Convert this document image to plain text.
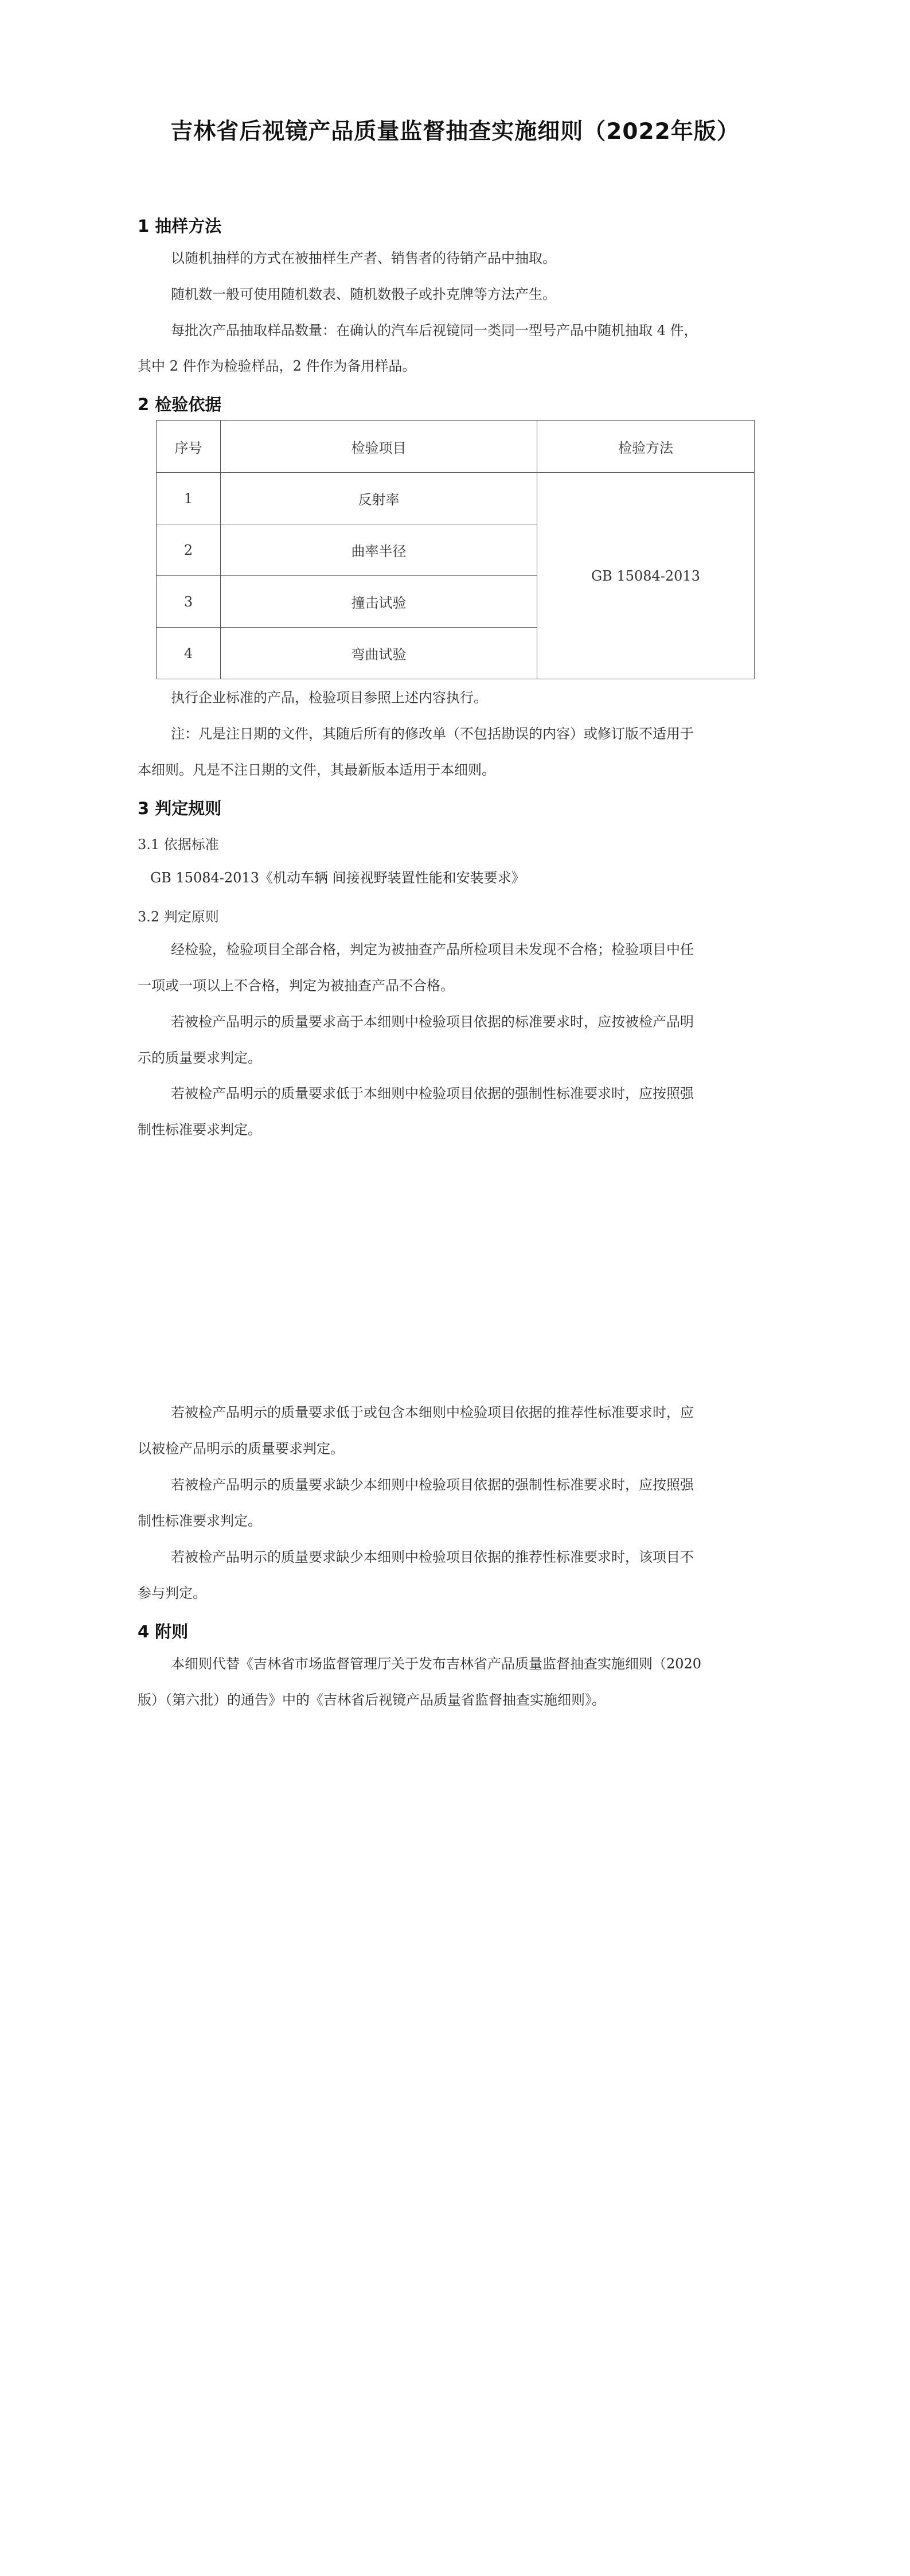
吉林省后视镜产品质量监督抽查实施细则（2022年版）
1 抽样方法
以随机抽样的方式在被抽样生产者、销售者的待销产品中抽取。
随机数一般可使用随机数表、随机数骰子或扑克牌等方法产生。
每批次产品抽取样品数量：在确认的汽车后视镜同一类同一型号产品中随机抽取 4 件，
其中 2 件作为检验样品，2 件作为备用样品。
2 检验依据
序号	检验项目	检验方法
1	反射率	GB 15084-2013
2	曲率半径	
3	撞击试验	
4	弯曲试验	
执行企业标准的产品，检验项目参照上述内容执行。
注：凡是注日期的文件，其随后所有的修改单（不包括勘误的内容）或修订版不适用于
本细则。凡是不注日期的文件，其最新版本适用于本细则。
3 判定规则
3.1 依据标准
GB 15084-2013《机动车辆 间接视野装置性能和安装要求》
3.2 判定原则
经检验，检验项目全部合格，判定为被抽查产品所检项目未发现不合格；检验项目中任
一项或一项以上不合格，判定为被抽查产品不合格。
若被检产品明示的质量要求高于本细则中检验项目依据的标准要求时，应按被检产品明
示的质量要求判定。
若被检产品明示的质量要求低于本细则中检验项目依据的强制性标准要求时，应按照强
制性标准要求判定。
若被检产品明示的质量要求低于或包含本细则中检验项目依据的推荐性标准要求时，应
以被检产品明示的质量要求判定。
若被检产品明示的质量要求缺少本细则中检验项目依据的强制性标准要求时，应按照强
制性标准要求判定。
若被检产品明示的质量要求缺少本细则中检验项目依据的推荐性标准要求时，该项目不
参与判定。
4 附则
本细则代替《吉林省市场监督管理厅关于发布吉林省产品质量监督抽查实施细则（2020
版）（第六批）的通告》中的《吉林省后视镜产品质量省监督抽查实施细则》。
